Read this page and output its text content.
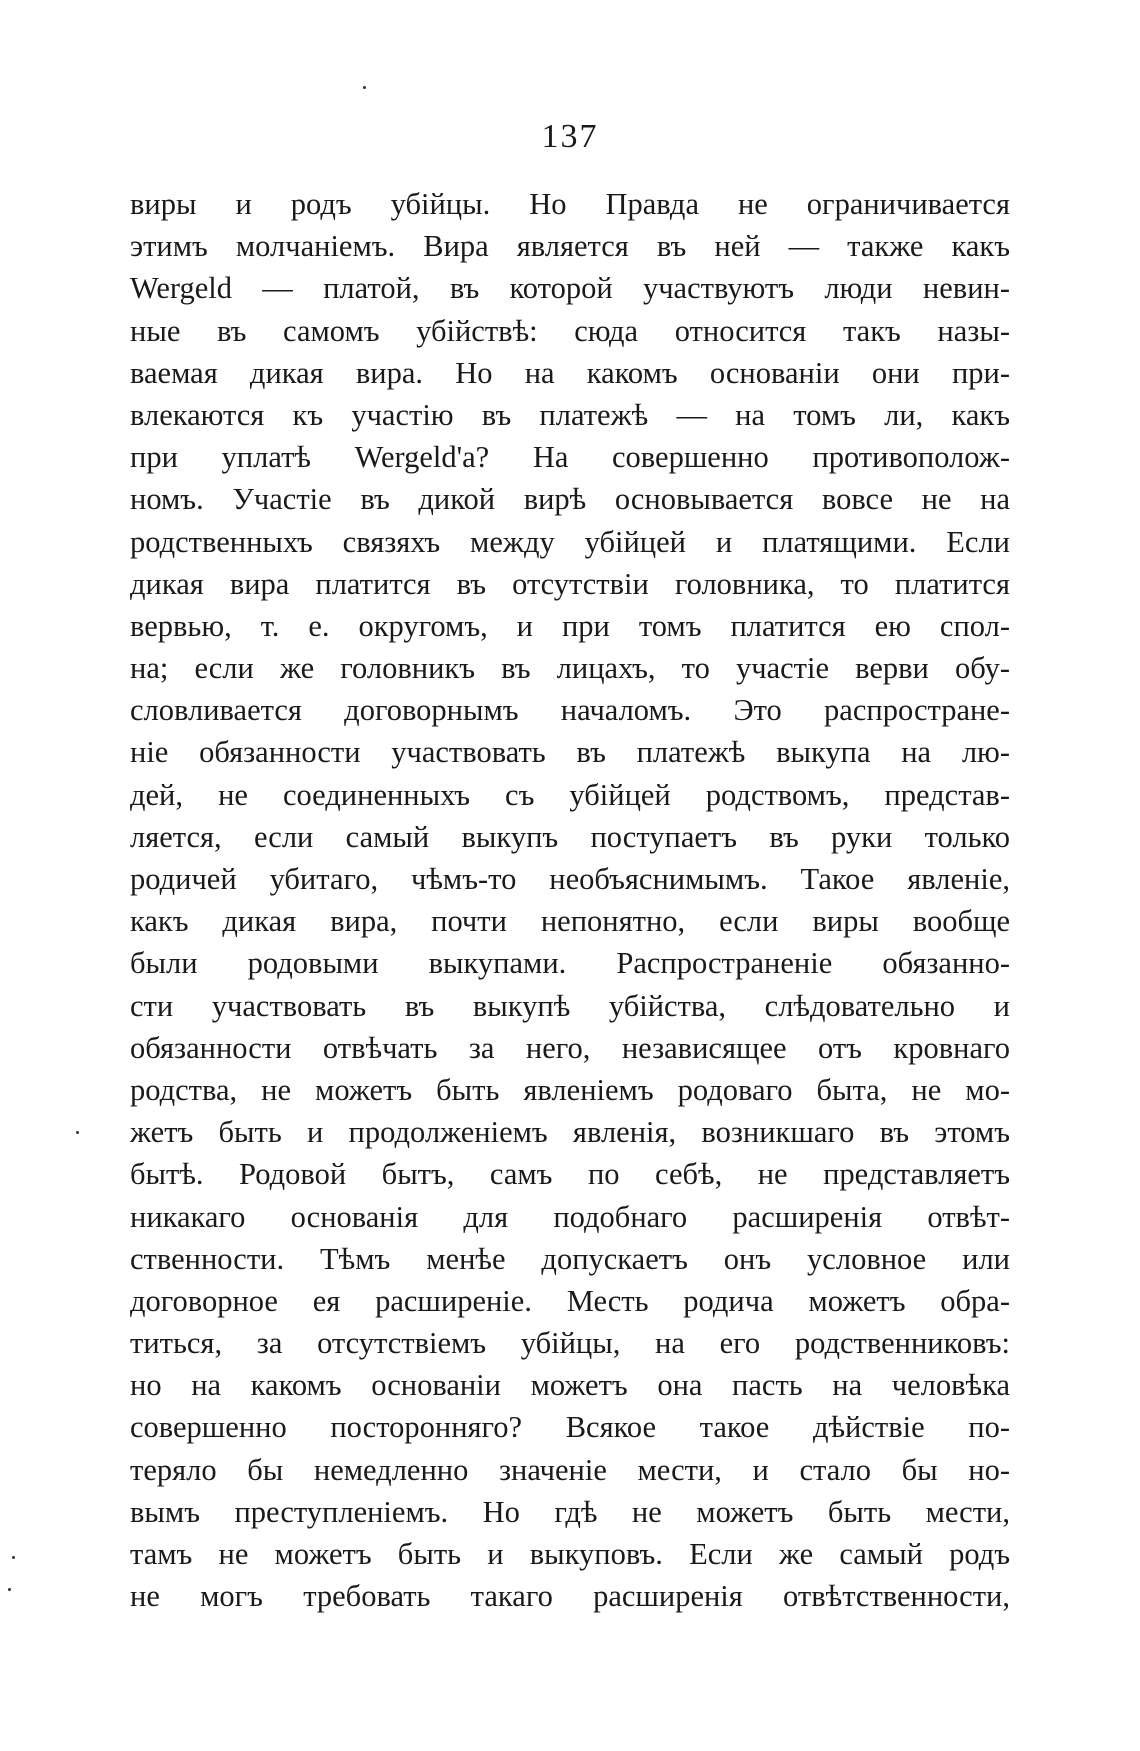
137
виры и родъ убійцы. Но Правда не ограничивается
этимъ молчаніемъ. Вира является въ ней — также какъ
Wergeld — платой, въ которой участвуютъ люди невин-
ные въ самомъ убійствѣ: сюда относится такъ назы-
ваемая дикая вира. Но на какомъ основаніи они при-
влекаются къ участію въ платежѣ — на томъ ли, какъ
при уплатѣ Wergeld'а? На совершенно противополож-
номъ. Участіе въ дикой вирѣ основывается вовсе не на
родственныхъ связяхъ между убійцей и платящими. Если
дикая вира платится въ отсутствіи головника, то платится
вервью, т. е. округомъ, и при томъ платится ею спол-
на; если же головникъ въ лицахъ, то участіе верви обу-
словливается договорнымъ началомъ. Это распростране-
ніе обязанности участвовать въ платежѣ выкупа на лю-
дей, не соединенныхъ съ убійцей родствомъ, представ-
ляется, если самый выкупъ поступаетъ въ руки только
родичей убитаго, чѣмъ-то необъяснимымъ. Такое явленіе,
какъ дикая вира, почти непонятно, если виры вообще
были родовыми выкупами. Распространеніе обязанно-
сти участвовать въ выкупѣ убійства, слѣдовательно и
обязанности отвѣчать за него, независящее отъ кровнаго
родства, не можетъ быть явленіемъ родоваго быта, не мо-
жетъ быть и продолженіемъ явленія, возникшаго въ этомъ
бытѣ. Родовой бытъ, самъ по себѣ, не представляетъ
никакаго основанія для подобнаго расширенія отвѣт-
ственности. Тѣмъ менѣе допускаетъ онъ условное или
договорное ея расширеніе. Месть родича можетъ обра-
титься, за отсутствіемъ убійцы, на его родственниковъ:
но на какомъ основаніи можетъ она пасть на человѣка
совершенно посторонняго? Всякое такое дѣйствіе по-
теряло бы немедленно значеніе мести, и стало бы но-
вымъ преступленіемъ. Но гдѣ не можетъ быть мести,
тамъ не можетъ быть и выкуповъ. Если же самый родъ
не могъ требовать такаго расширенія отвѣтственности,
